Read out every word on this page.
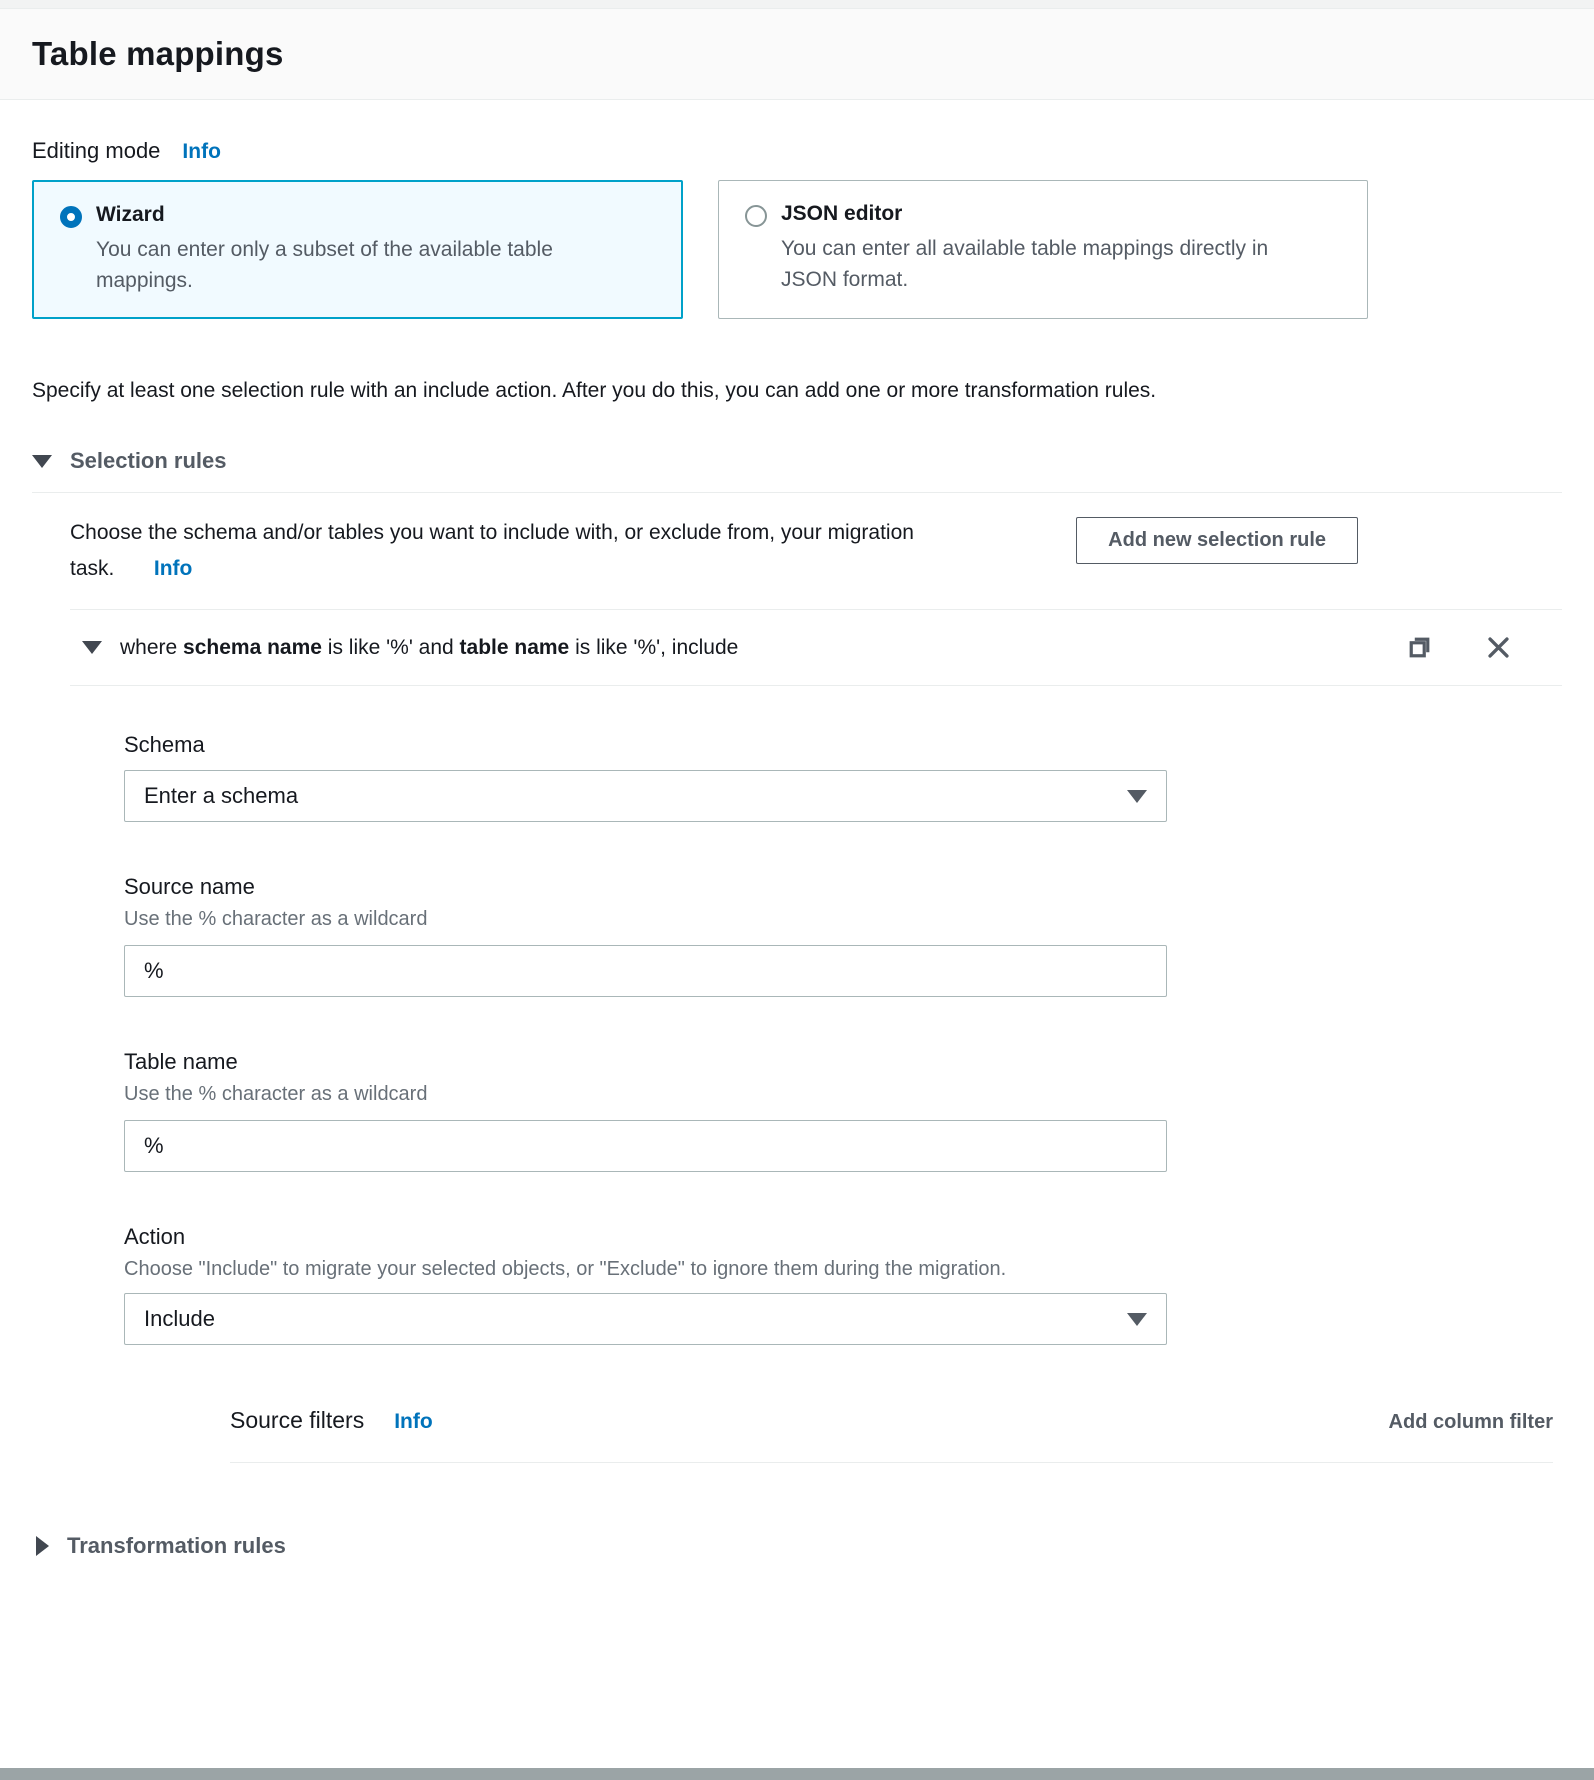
Table mappings
Editing mode Info
Wizard
You can enter only a subset of the available table mappings.
JSON editor
You can enter all available table mappings directly in JSON format.

Specify at least one selection rule with an include action. After you do this, you can add one or more transformation rules.

Selection rules

Choose the schema and/or tables you want to include with, or exclude from, your migration task. Info

Add new selection rule
where schema name is like '%' and table name is like '%', include
Schema
Enter a schema
Source name
Use the % character as a wildcard
%
Table name
Use the % character as a wildcard
%
Action
Choose "Include" to migrate your selected objects, or "Exclude" to ignore them during the migration.
Include
Source filters Info	Add column filter
Transformation rules
